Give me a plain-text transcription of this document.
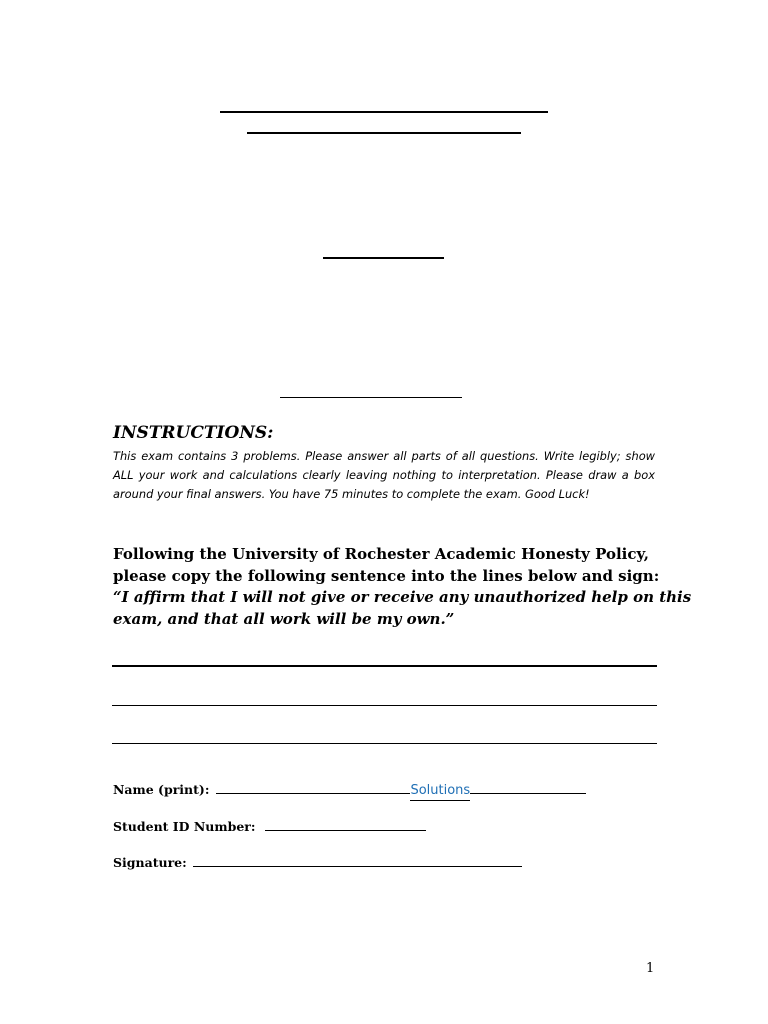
INSTRUCTIONS:

This exam contains 3 problems. Please answer all parts of all questions. Write legibly; show ALL your work and calculations clearly leaving nothing to interpretation. Please draw a box around your final answers. You have 75 minutes to complete the exam. Good Luck!

Following the University of Rochester Academic Honesty Policy,
please copy the following sentence into the lines below and sign:
“I affirm that I will not give or receive any unauthorized help on this
exam, and that all work will be my own.”
Name (print):	Solutions
Student ID Number:
Signature:
1
